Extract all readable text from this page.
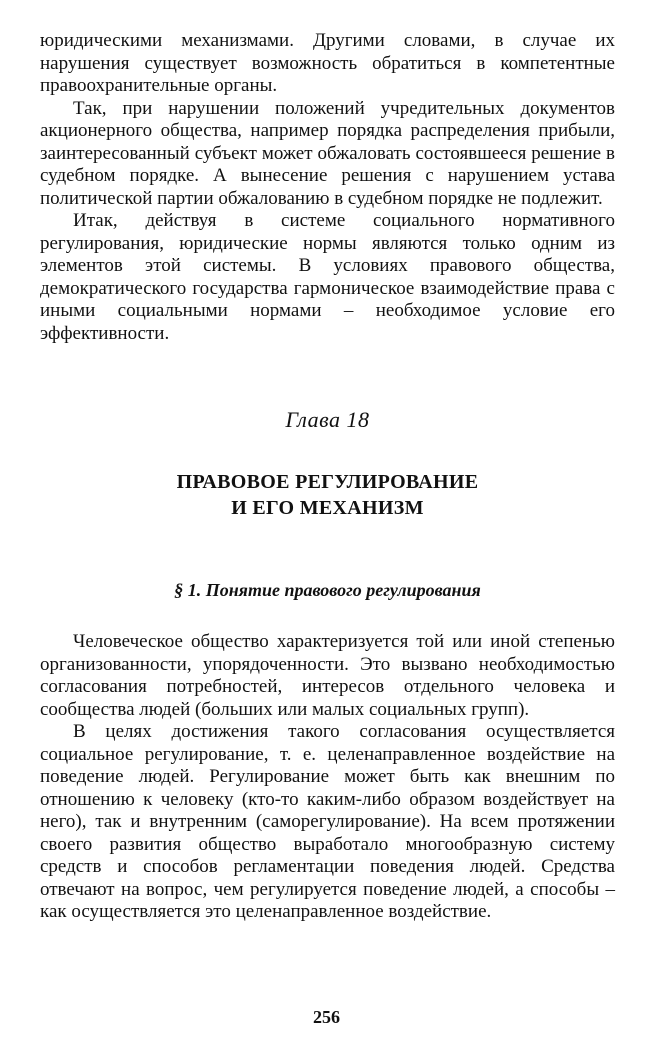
юридическими механизмами. Другими словами, в случае их нарушения существует возможность обратиться в компетентные правоохранительные органы.

Так, при нарушении положений учредительных документов акционерного общества, например порядка распределения прибыли, заинтересованный субъект может обжаловать состоявшееся решение в судебном порядке. А вынесение решения с нарушением устава политической партии обжалованию в судебном порядке не подлежит.

Итак, действуя в системе социального нормативного регулирования, юридические нормы являются только одним из элементов этой системы. В условиях правового общества, демократического государства гармоническое взаимодействие права с иными социальными нормами – необходимое условие его эффективности.

Глава 18

ПРАВОВОЕ РЕГУЛИРОВАНИЕ

И ЕГО МЕХАНИЗМ

§ 1. Понятие правового регулирования

Человеческое общество характеризуется той или иной степенью организованности, упорядоченности. Это вызвано необходимостью согласования потребностей, интересов отдельного человека и сообщества людей (больших или малых социальных групп).

В целях достижения такого согласования осуществляется социальное регулирование, т. е. целенаправленное воздействие на поведение людей. Регулирование может быть как внешним по отношению к человеку (кто-то каким-либо образом воздействует на него), так и внутренним (саморегулирование). На всем протяжении своего развития общество выработало многообразную систему средств и способов регламентации поведения людей. Средства отвечают на вопрос, чем регулируется поведение людей, а способы – как осуществляется это целенаправленное воздействие.

256
